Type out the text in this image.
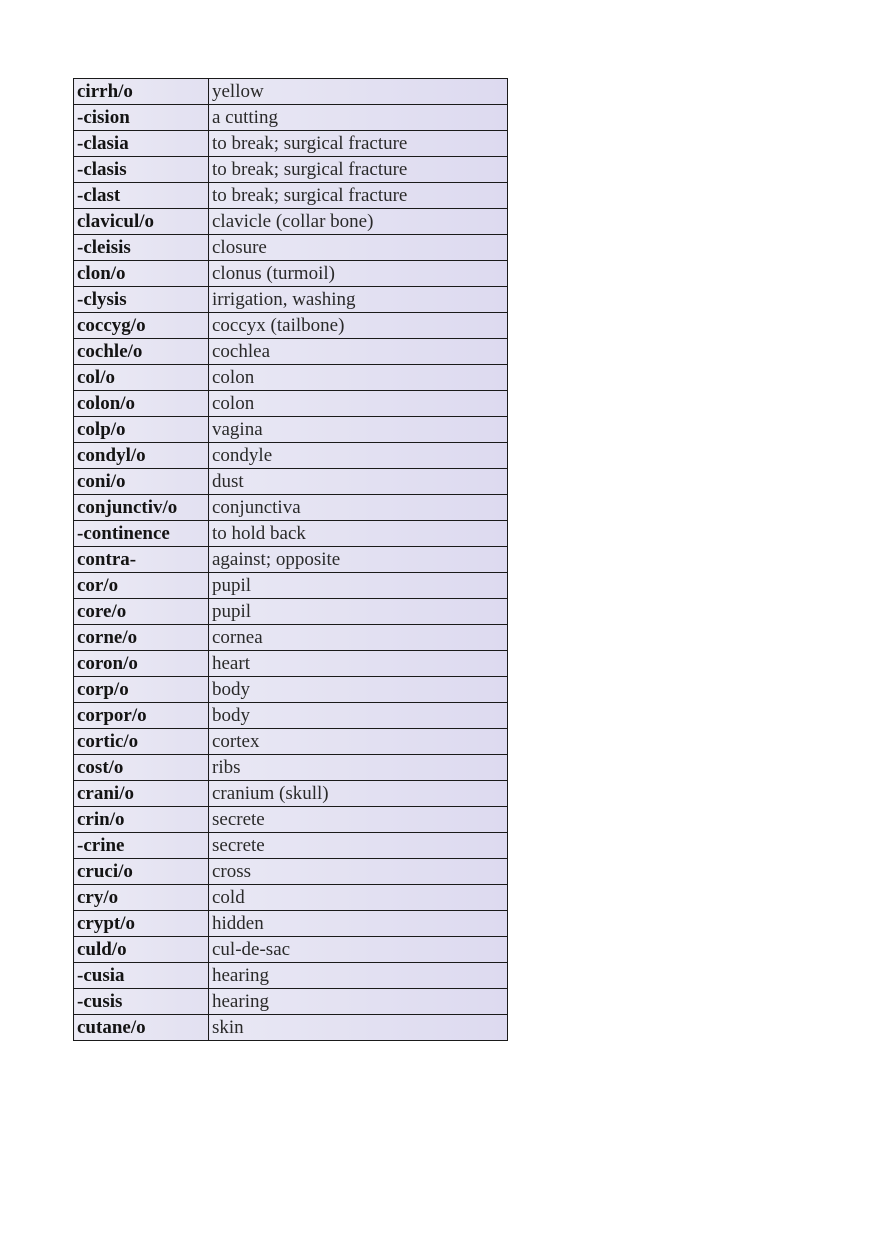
cirrh/o	yellow
-cision	a cutting
-clasia	to break; surgical fracture
-clasis	to break; surgical fracture
-clast	to break; surgical fracture
clavicul/o	clavicle (collar bone)
-cleisis	closure
clon/o	clonus (turmoil)
-clysis	irrigation, washing
coccyg/o	coccyx (tailbone)
cochle/o	cochlea
col/o	colon
colon/o	colon
colp/o	vagina
condyl/o	condyle
coni/o	dust
conjunctiv/o	conjunctiva
-continence	to hold back
contra-	against; opposite
cor/o	pupil
core/o	pupil
corne/o	cornea
coron/o	heart
corp/o	body
corpor/o	body
cortic/o	cortex
cost/o	ribs
crani/o	cranium (skull)
crin/o	secrete
-crine	secrete
cruci/o	cross
cry/o	cold
crypt/o	hidden
culd/o	cul-de-sac
-cusia	hearing
-cusis	hearing
cutane/o	skin
